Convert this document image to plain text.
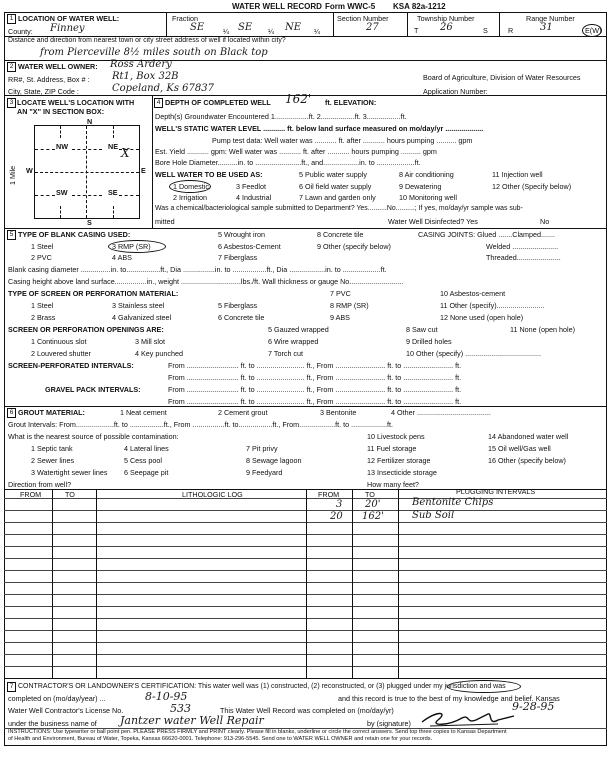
WATER WELL RECORD Form WWC-5 KSA 82a-1212
1 LOCATION OF WATER WELL:
County: Finney
Fraction
SE	¼ SE ¼ NE ¼
Section Number
27
Township Number
T 26	S
Range Number
R	31	E(W)
Distance and direction from nearest town or city street address of well if located within city?
from Pierceville 8½ miles south on Black top
2 WATER WELL OWNER: Ross Ardery
RR#, St. Address, Box # : Rt1, Box 32B	Board of Agriculture, Division of Water Resources
City, State, ZIP Code :	Copeland, Ks 67837	Application Number:
3 LOCATE WELL'S LOCATION WITH
AN "X" IN SECTION BOX:
N
S
W	E
1 Mile
NW	NE
SW	SE
X
4 DEPTH OF COMPLETED WELL 162' ft. ELEVATION:
Depth(s) Groundwater Encountered 1.................ft. 2.................ft. 3.................ft.
WELL'S STATIC WATER LEVEL ........... ft. below land surface measured on mo/day/yr ...................
Pump test data: Well water was ........... ft. after ........... hours pumping .......... gpm
Est. Yield ........... gpm: Well water was ........... ft. after ........... hours pumping .......... gpm
Bore Hole Diameter..........in. to .......................ft., and..................in. to ...................ft.
WELL WATER TO BE USED AS:
1 Domestic
2 Irrigation
3 Feedlot
4 Industrial
5 Public water supply
6 Oil field water supply
7 Lawn and garden only
8 Air conditioning
9 Dewatering
10 Monitoring well
11 Injection well
12 Other (Specify below)
Was a chemical/bacteriological sample submitted to Department? Yes..........No..........; If yes, mo/day/yr sample was sub-
mitted	Water Well Disinfected? Yes	No
5 TYPE OF BLANK CASING USED:
1 Steel
2 PVC
3 RMP (SR)
4 ABS
5 Wrought iron
6 Asbestos-Cement
7 Fiberglass
8 Concrete tile
9 Other (specify below)
CASING JOINTS: Glued .......Clamped.......
Welded .......................
Threaded......................
Blank casing diameter ...............in. to.................ft., Dia ................in. to .................ft., Dia ..................in. to ...................ft.
Casing height above land surface................in., weight ..............................lbs./ft. Wall thickness or gauge No...........................
TYPE OF SCREEN OR PERFORATION MATERIAL:
1 Steel
2 Brass
3 Stainless steel
4 Galvanized steel
5 Fiberglass
6 Concrete tile
7 PVC
8 RMP (SR)
9 ABS
10 Asbestos-cement
11 Other (specify)........................
12 None used (open hole)
SCREEN OR PERFORATION OPENINGS ARE:
1 Continuous slot
2 Louvered shutter
3 Mill slot
4 Key punched
5 Gauzed wrapped
6 Wire wrapped
7 Torch cut
8 Saw cut
9 Drilled holes
10 Other (specify) ......................................
11 None (open hole)
SCREEN-PERFORATED INTERVALS:	From .......................... ft. to ........................ ft., From ......................... ft. to ......................... ft.
From .......................... ft. to ........................ ft., From ......................... ft. to ......................... ft.
GRAVEL PACK INTERVALS:	From .......................... ft. to ........................ ft., From ......................... ft. to ......................... ft.
From .......................... ft. to ........................ ft., From ......................... ft. to ......................... ft.
6 GROUT MATERIAL:	1 Neat cement	2 Cement grout	3 Bentonite	4 Other .....................................
Grout Intervals: From...................ft. to .................ft., From ................ft. to.................ft., From..................ft. to ..................ft.
What is the nearest source of possible contamination:
1 Septic tank
2 Sewer lines
3 Watertight sewer lines
4 Lateral lines
5 Cess pool
6 Seepage pit
7 Pit privy
8 Sewage lagoon
9 Feedyard
10 Livestock pens
11 Fuel storage
12 Fertilizer storage
13 Insecticide storage
14 Abandoned water well
15 Oil well/Gas well
16 Other (specify below)
Direction from well?	How many feet?
FROM	TO	LITHOLOGIC LOG	FROM	TO	PLUGGING INTERVALS
3 20'	Bentonite Chips
20 162'	Sub Soil
7 CONTRACTOR'S OR LANDOWNER'S CERTIFICATION: This water well was (1) constructed, (2) reconstructed, or (3) plugged under my jurisdiction and was
completed on (mo/day/year) ...	8-10-95	and this record is true to the best of my knowledge and belief. Kansas
Water Well Contractor's License No.	533	This Water Well Record was completed on (mo/day/yr)	9-28-95
under the business name of Jantzer water Well Repair	by (signature)
INSTRUCTIONS: Use typewriter or ball point pen. PLEASE PRESS FIRMLY and PRINT clearly. Please fill in blanks, underline or circle the correct answers. Send top three copies to Kansas Department
of Health and Environment, Bureau of Water, Topeka, Kansas 66620-0001. Telephone: 913-296-5545. Send one to WATER WELL OWNER and retain one for your records.
